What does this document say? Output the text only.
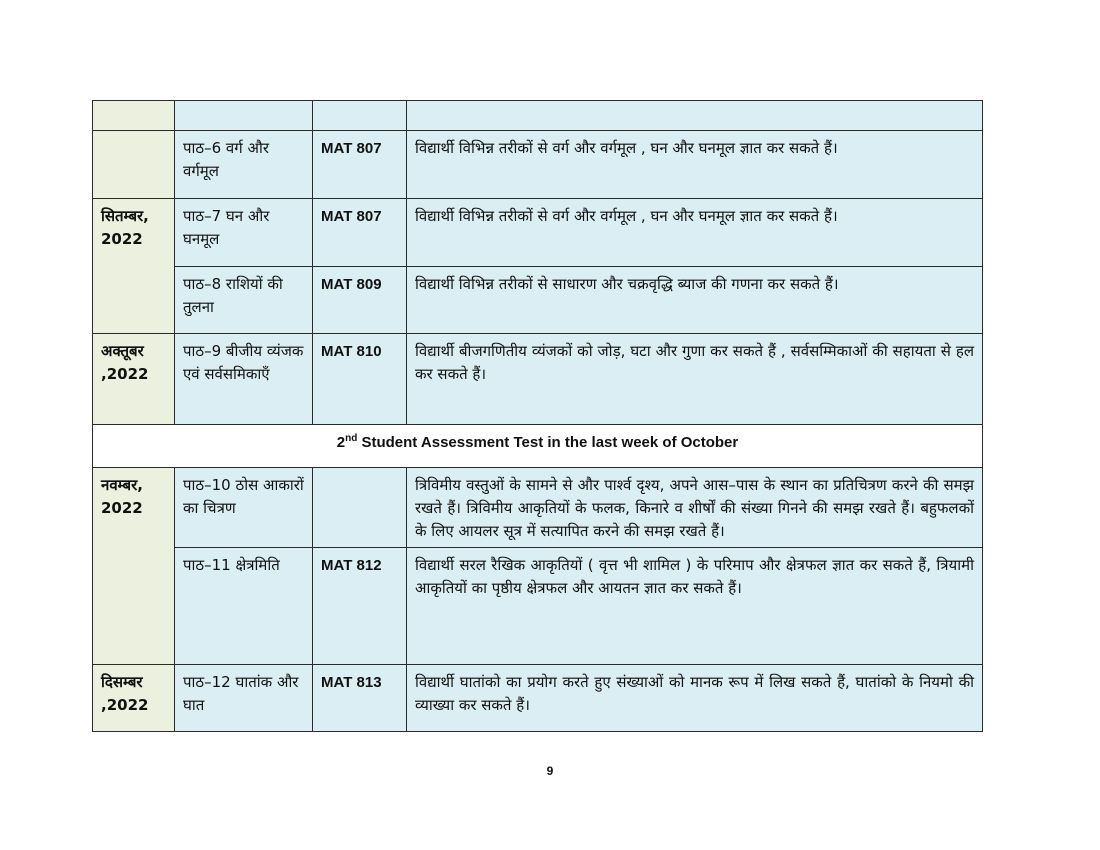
	पाठ–6 वर्ग और वर्गमूल	MAT 807	विद्यार्थी विभिन्न तरीकों से वर्ग और वर्गमूल , घन और घनमूल ज्ञात कर सकते हैं।
सितम्बर, 2022	पाठ–7 घन और घनमूल	MAT 807	विद्यार्थी विभिन्न तरीकों से वर्ग और वर्गमूल , घन और घनमूल ज्ञात कर सकते हैं।
	पाठ–8 राशियों की तुलना	MAT 809	विद्यार्थी विभिन्न तरीकों से साधारण और चक्रवृद्धि ब्याज की गणना कर सकते हैं।
अक्तूबर ,2022	पाठ–9 बीजीय व्यंजक एवं सर्वसमिकाएँ	MAT 810	विद्यार्थी बीजगणितीय व्यंजकों को जोड़, घटा और गुणा कर सकते हैं , सर्वसम्मिकाओं की सहायता से हल कर सकते हैं।
2nd Student Assessment Test in the last week of October			
नवम्बर, 2022	पाठ–10 ठोस आकारों का चित्रण		त्रिविमीय वस्तुओं के सामने से और पार्श्व दृश्य, अपने आस–पास के स्थान का प्रतिचित्रण करने की समझ रखते हैं। त्रिविमीय आकृतियों के फलक, किनारे व शीर्षों की संख्या गिनने की समझ रखते हैं। बहुफलकों के लिए आयलर सूत्र में सत्यापित करने की समझ रखते हैं।
	पाठ–11 क्षेत्रमिति	MAT 812	विद्यार्थी सरल रैखिक आकृतियों ( वृत्त भी शामिल ) के परिमाप और क्षेत्रफल ज्ञात कर सकते हैं, त्रियामी आकृतियों का पृष्ठीय क्षेत्रफल और आयतन ज्ञात कर सकते हैं।
दिसम्बर ,2022	पाठ–12 घातांक और घात	MAT 813	विद्यार्थी घातांको का प्रयोग करते हुए संख्याओं को मानक रूप में लिख सकते हैं, घातांको के नियमो की व्याख्या कर सकते हैं।
9
